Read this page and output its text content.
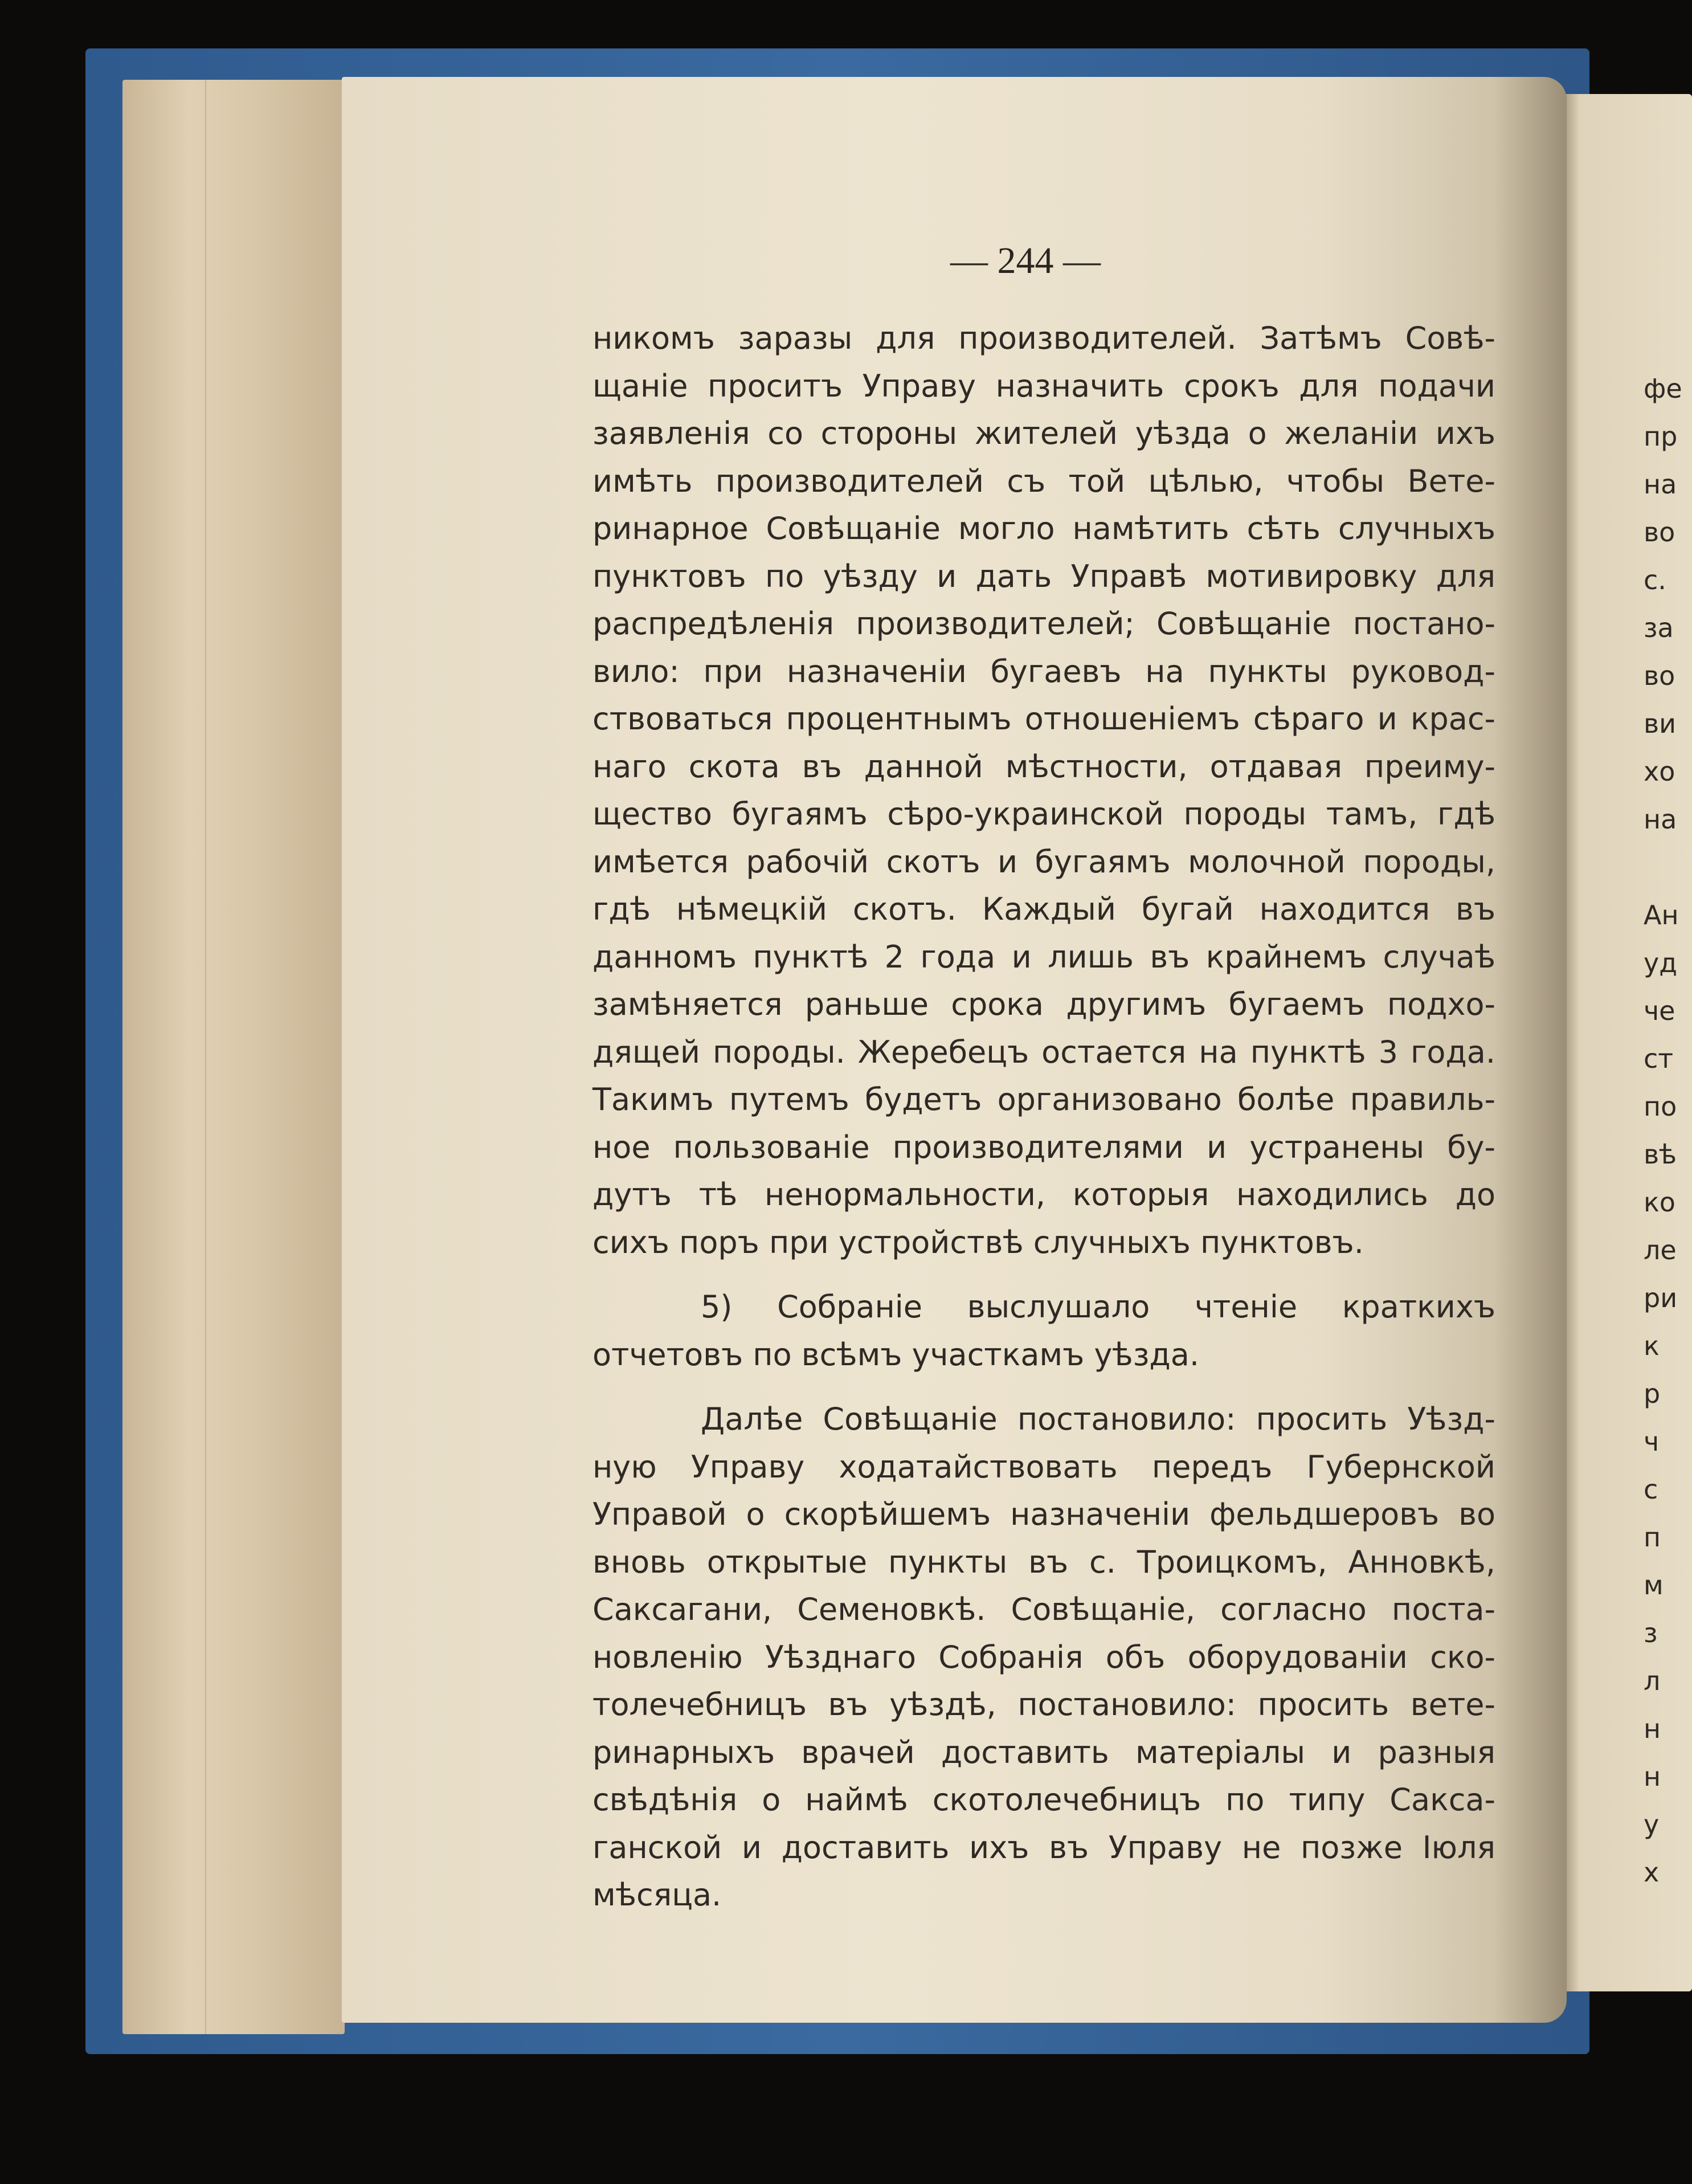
— 244 —
никомъ заразы для производителей. Затѣмъ Совѣ-
щаніе проситъ Управу назначить срокъ для подачи
заявленія со стороны жителей уѣзда о желаніи ихъ
имѣть производителей съ той цѣлью, чтобы Вете-
ринарное Совѣщаніе могло намѣтить сѣть случныхъ
пунктовъ по уѣзду и дать Управѣ мотивировку для
распредѣленія производителей; Совѣщаніе постано-
вило: при назначеніи бугаевъ на пункты руковод-
ствоваться процентнымъ отношеніемъ сѣраго и крас-
наго скота въ данной мѣстности, отдавая преиму-
щество бугаямъ сѣро-украинской породы тамъ, гдѣ
имѣется рабочій скотъ и бугаямъ молочной породы,
гдѣ нѣмецкій скотъ. Каждый бугай находится въ
данномъ пунктѣ 2 года и лишь въ крайнемъ случаѣ
замѣняется раньше срока другимъ бугаемъ подхо-
дящей породы. Жеребецъ остается на пунктѣ 3 года.
Такимъ путемъ будетъ организовано болѣе правиль-
ное пользованіе производителями и устранены бу-
дутъ тѣ ненормальности, которыя находились до
сихъ поръ при устройствѣ случныхъ пунктовъ.
5) Собраніе выслушало чтеніе краткихъ
отчетовъ по всѣмъ участкамъ уѣзда.
Далѣе Совѣщаніе постановило: просить Уѣзд-
ную Управу ходатайствовать передъ Губернской
Управой о скорѣйшемъ назначеніи фельдшеровъ во
вновь открытые пункты въ с. Троицкомъ, Анновкѣ,
Саксагани, Семеновкѣ. Совѣщаніе, согласно поста-
новленію Уѣзднаго Собранія объ оборудованіи ско-
толечебницъ въ уѣздѣ, постановило: просить вете-
ринарныхъ врачей доставить матеріалы и разныя
свѣдѣнія о наймѣ скотолечебницъ по типу Сакса-
ганской и доставить ихъ въ Управу не позже Іюля
мѣсяца.
фе
пр
на
во
с.
за
во
ви
хо
на
Ан
уд
че
ст
по
вѣ
ко
ле
ри
к
р
ч
с
п
м
з
л
н
н
у
х
